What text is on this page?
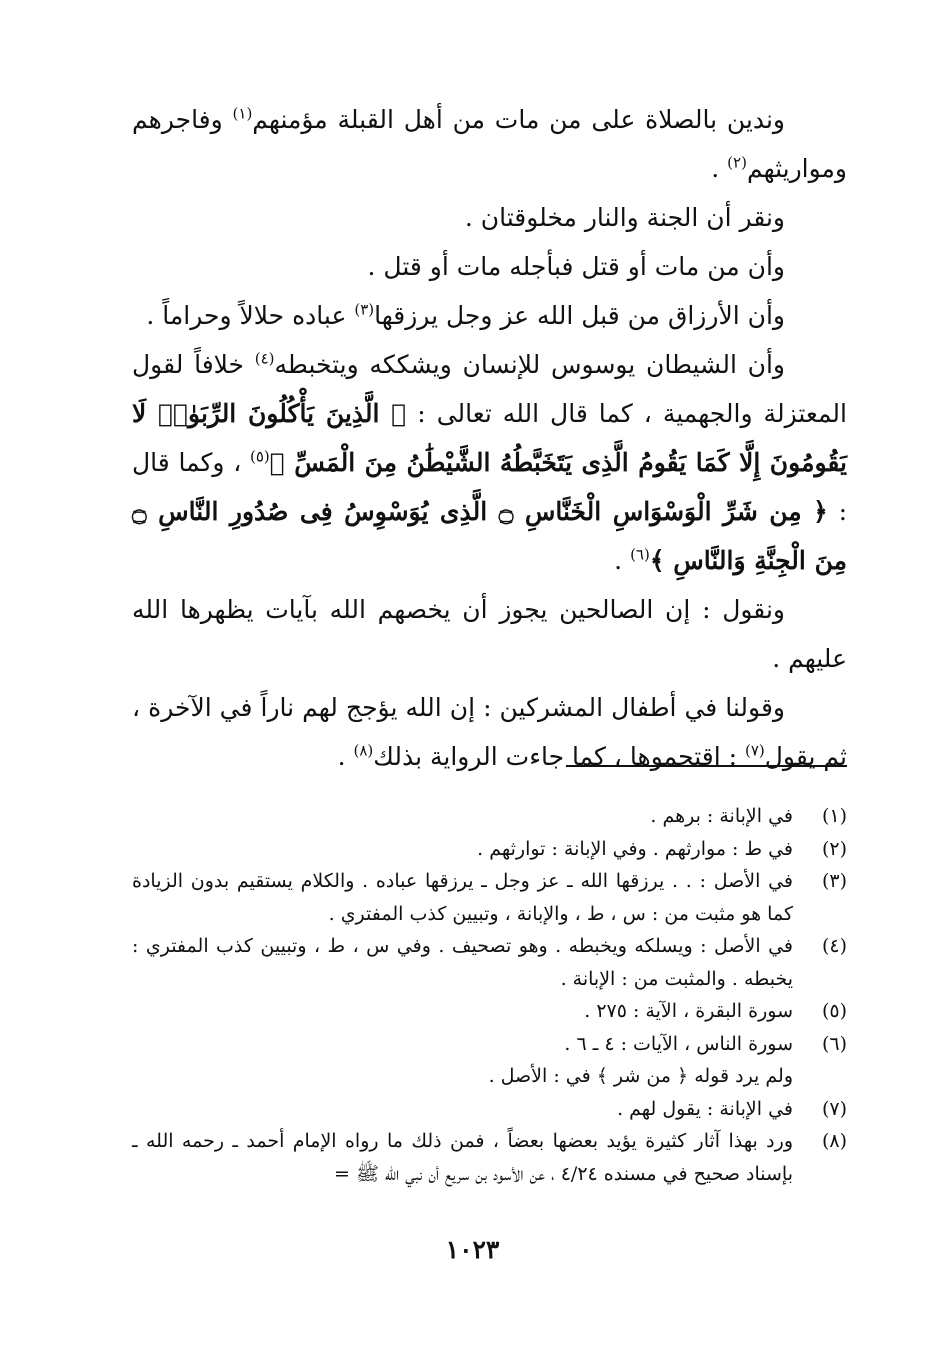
وندين بالصلاة على من مات من أهل القبلة مؤمنهم$^{(١)}$ وفاجرهم ومواريثهم$^{(٢)}$ .

ونقر أن الجنة والنار مخلوقتان .

وأن من مات أو قتل فبأجله مات أو قتل .

وأن الأرزاق من قبل الله عز وجل يرزقها$^{(٣)}$ عباده حلالاً وحراماً .

وأن الشيطان يوسوس للإنسان ويشككه ويتخبطه$^{(٤)}$ خلافاً لقول المعتزلة والجهمية ، كما قال الله تعالى : ﴿ الَّذِينَ يَأْكُلُونَ الرِّبَوٰا۟ لَا يَقُومُونَ إِلَّا كَمَا يَقُومُ الَّذِى يَتَخَبَّطُهُ الشَّيْطَٰنُ مِنَ الْمَسِّ ﴾$^{(٥)}$ ، وكما قال : ﴿ مِن شَرِّ الْوَسْوَاسِ الْخَنَّاسِ ۝ الَّذِى يُوَسْوِسُ فِى صُدُورِ النَّاسِ ۝ مِنَ الْجِنَّةِ وَالنَّاسِ ﴾$^{(٦)}$ .

ونقول : إن الصالحين يجوز أن يخصهم الله بآيات يظهرها الله عليهم .

وقولنا في أطفال المشركين : إن الله يؤجج لهم ناراً في الآخرة ، ثم يقول$^{(٧)}$ : اقتحموها ، كما جاءت الرواية بذلك$^{(٨)}$ .

(١)
في الإبانة : برهم .
(٢)
في ط : موارثهم . وفي الإبانة : توارثهم .
(٣)
في الأصل : . . يرزقها الله ـ عز وجل ـ يرزقها عباده . والكلام يستقيم بدون الزيادة كما هو مثبت من : س ، ط ، والإبانة ، وتبيين كذب المفتري .
(٤)
في الأصل : ويسلكه ويخبطه . وهو تصحيف . وفي س ، ط ، وتبيين كذب المفتري : يخبطه . والمثبت من : الإبانة .
(٥)
سورة البقرة ، الآية : ٢٧٥ .
(٦)
سورة الناس ، الآيات : ٤ ـ ٦ .
ولم يرد قوله ﴿ من شر ﴾ في : الأصل .
(٧)
في الإبانة : يقول لهم .
(٨)
ورد بهذا آثار كثيرة يؤيد بعضها بعضاً ، فمن ذلك ما رواه الإمام أحمد ـ رحمه الله ـ بإسناد صحيح في مسنده ٤/٢٤ ، عن الأسود بن سريع أن نبي الله ﷺ =
١٠٢٣
